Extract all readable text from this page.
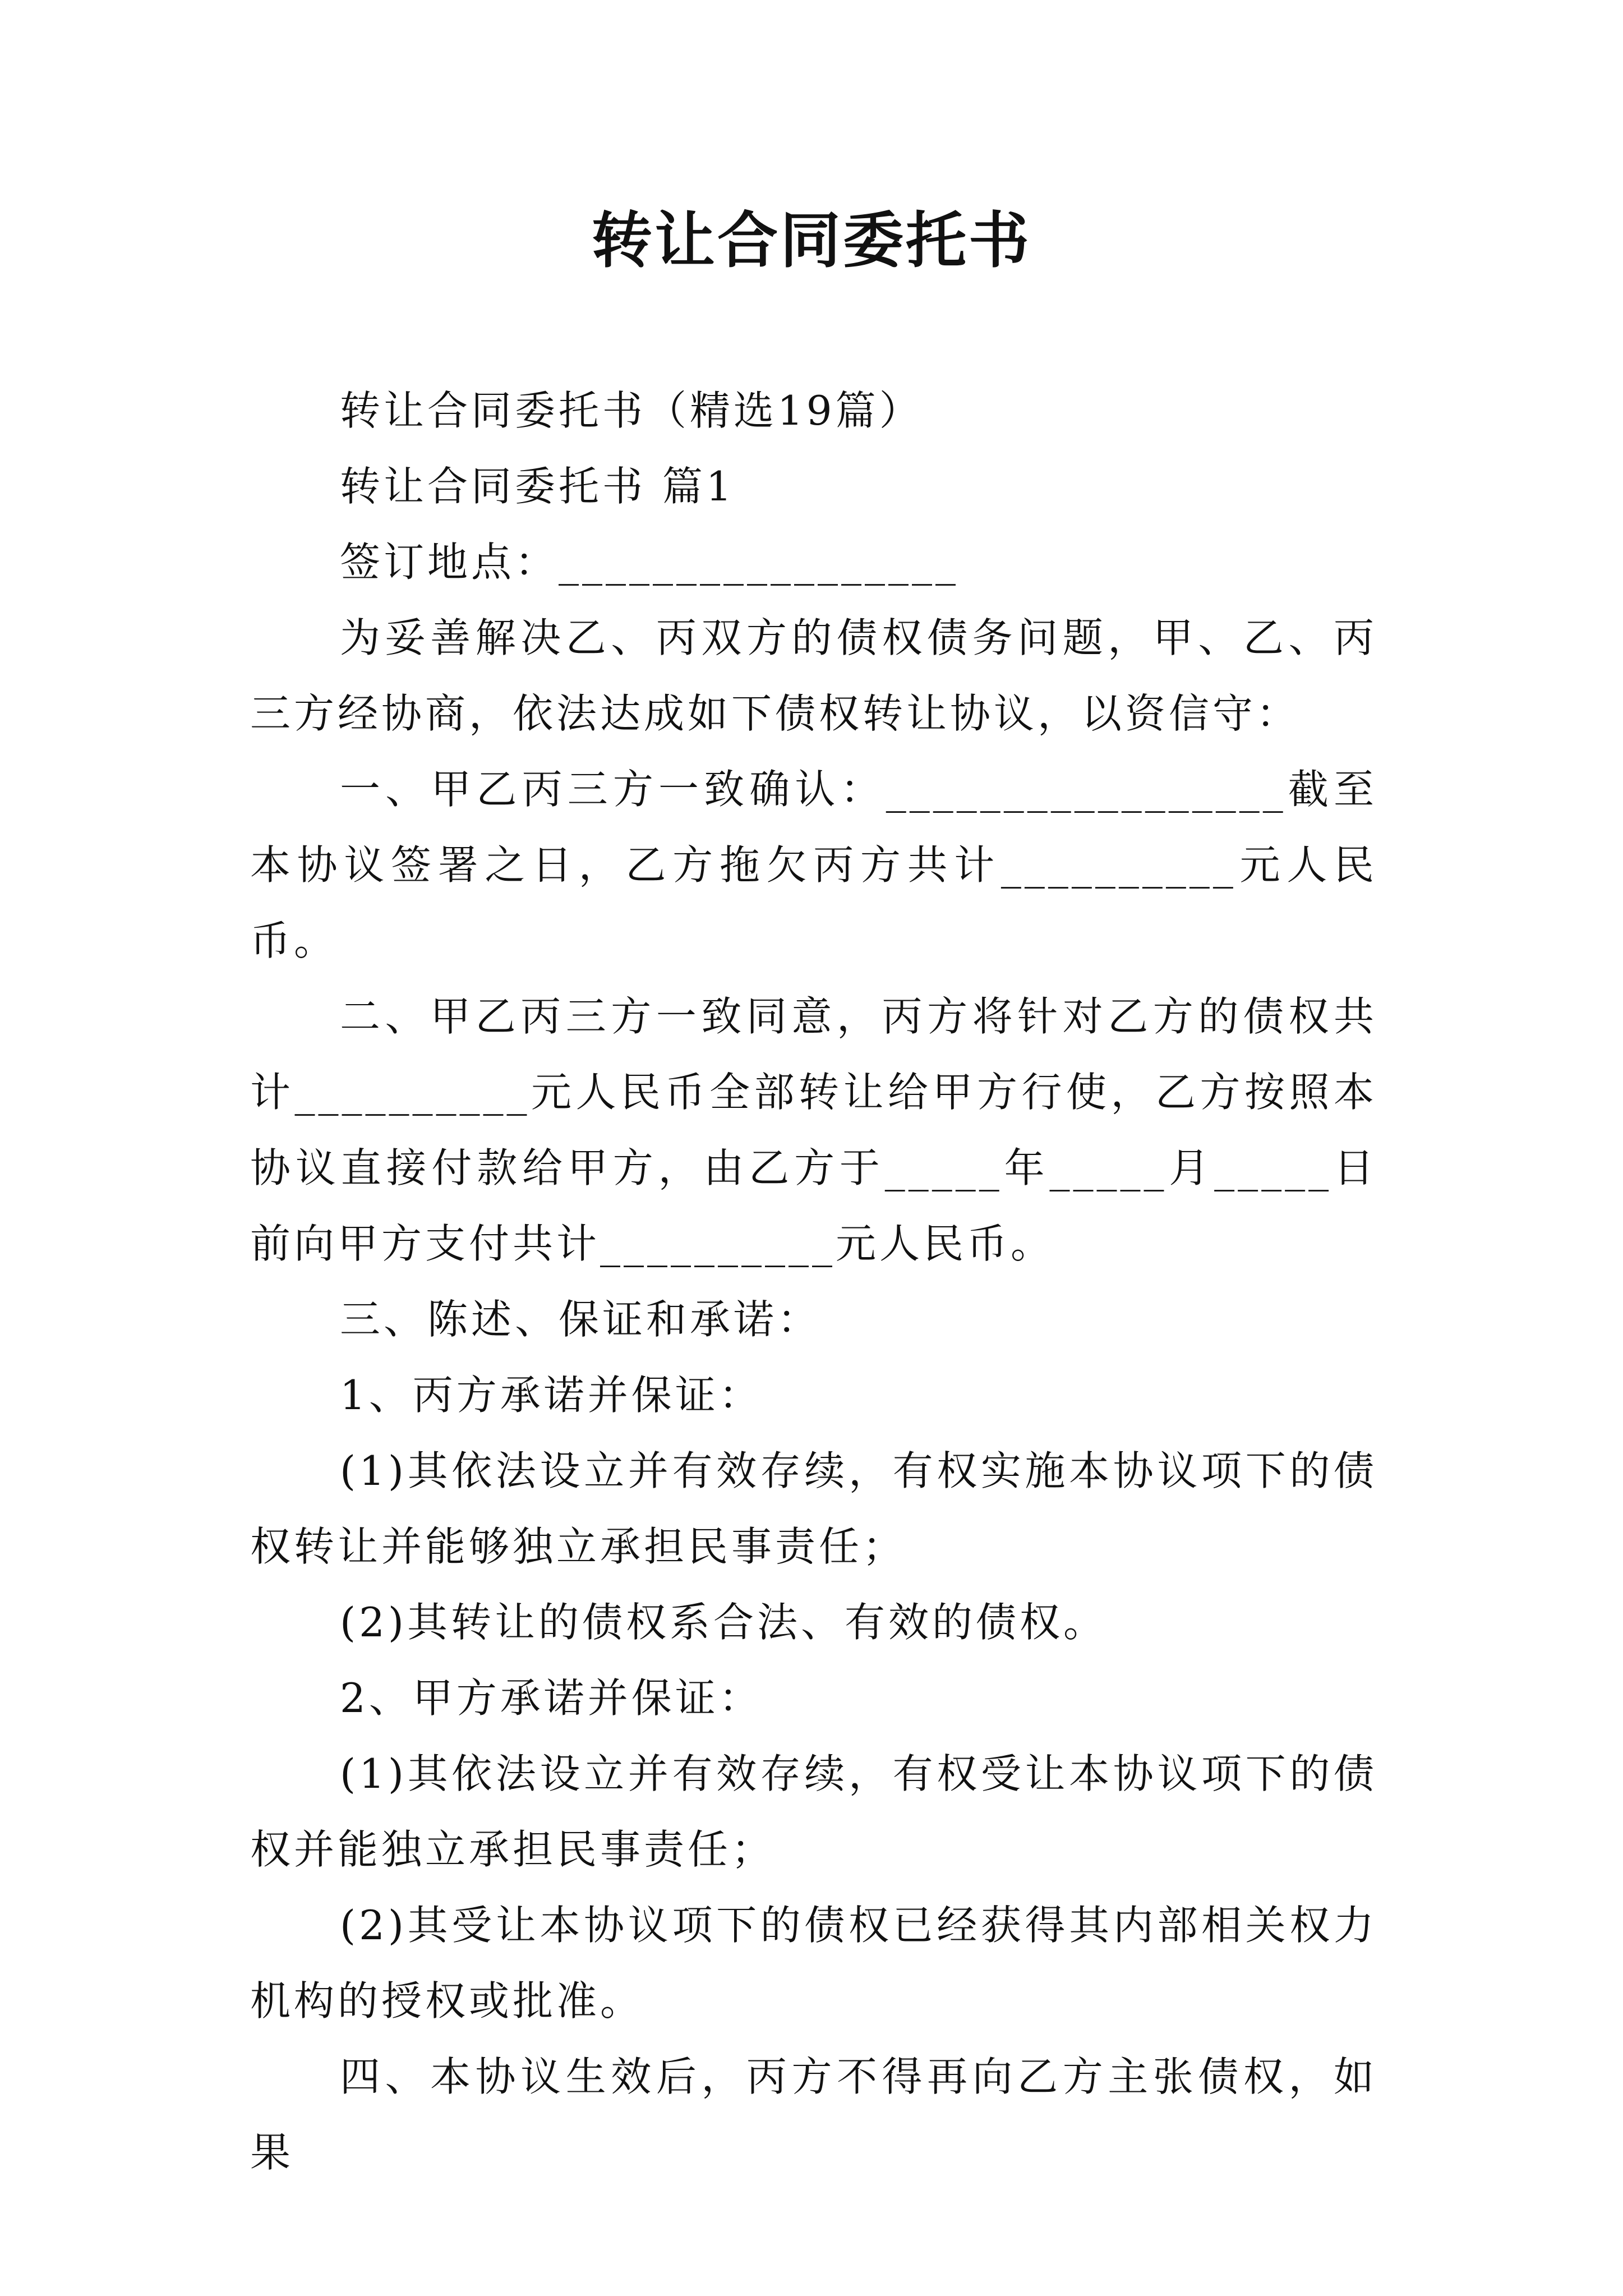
转让合同委托书

转让合同委托书（精选19篇）

转让合同委托书 篇1

签订地点：_________________

为妥善解决乙、丙双方的债权债务问题，甲、乙、丙三方经协商，依法达成如下债权转让协议，以资信守：

一、甲乙丙三方一致确认：_________________截至本协议签署之日，乙方拖欠丙方共计__________元人民币。

二、甲乙丙三方一致同意，丙方将针对乙方的债权共计__________元人民币全部转让给甲方行使，乙方按照本协议直接付款给甲方，由乙方于_____年_____月_____日前向甲方支付共计__________元人民币。

三、陈述、保证和承诺：

1、丙方承诺并保证：

(1)其依法设立并有效存续，有权实施本协议项下的债权转让并能够独立承担民事责任；

(2)其转让的债权系合法、有效的债权。

2、甲方承诺并保证：

(1)其依法设立并有效存续，有权受让本协议项下的债权并能独立承担民事责任；

(2)其受让本协议项下的债权已经获得其内部相关权力机构的授权或批准。

四、本协议生效后，丙方不得再向乙方主张债权，如果
